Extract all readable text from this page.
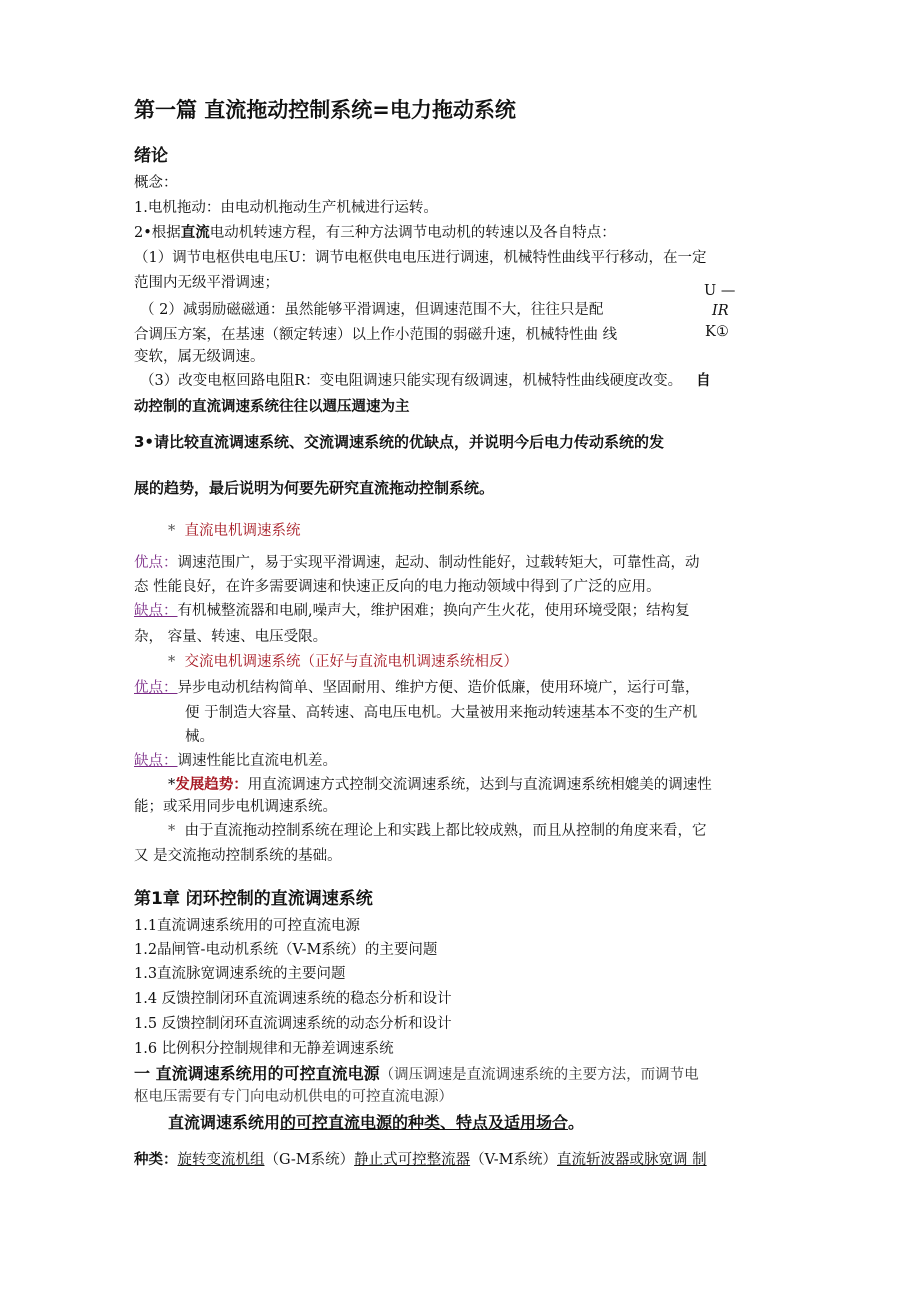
第一篇 直流拖动控制系统=电力拖动系统
绪论
概念：
1.电机拖动：由电动机拖动生产机械进行运转。
2•根据直流电动机转速方程，有三种方法调节电动机的转速以及各自特点：
（1）调节电枢供电电压U：调节电枢供电电压进行调速，机械特性曲线平行移动，在一定
范围内无级平滑调速；
（ 2）减弱励磁磁通：虽然能够平滑调速，但调速范围不大，往往只是配
合调压方案，在基速（额定转速）以上作小范围的弱磁升速，机械特性曲 线
变软，属无级调速。
U —
IR
K①
（3）改变电枢回路电阻R：变电阻调速只能实现有级调速，机械特性曲线硬度改变。 自
动控制的直流调速系统往往以週压週速为主
3•请比较直流调速系统、交流调速系统的优缺点，并说明今后电力传动系统的发
展的趋势，最后说明为何要先研究直流拖动控制系统。
* 直流电机调速系统
优点：调速范围广，易于实现平滑调速，起动、制动性能好，过载转矩大，可靠性高，动
态 性能良好，在许多需要调速和快速正反向的电力拖动领域中得到了广泛的应用。
缺点：有机械整流器和电刷,噪声大，维护困难；换向产生火花，使用环境受限；结构复
杂， 容量、转速、电压受限。
* 交流电机调速系统（正好与直流电机调速系统相反）
优点：异步电动机结构简单、坚固耐用、维护方便、造价低廉，使用环境广，运行可靠，
便 于制造大容量、高转速、高电压电机。大量被用来拖动转速基本不变的生产机
械。
缺点：调速性能比直流电机差。
*发展趋势：用直流调速方式控制交流调速系统，达到与直流调速系统相媲美的调速性
能；或采用同步电机调速系统。
* 由于直流拖动控制系统在理论上和实践上都比较成熟，而且从控制的角度来看，它
又 是交流拖动控制系统的基础。
第1章 闭环控制的直流调速系统
1.1直流调速系统用的可控直流电源
1.2晶闸管-电动机系统（V-M系统）的主要问题
1.3直流脉宽调速系统的主要问题
1.4 反馈控制闭环直流调速系统的稳态分析和设计
1.5 反馈控制闭环直流调速系统的动态分析和设计
1.6 比例积分控制规律和无静差调速系统
一 直流调速系统用的可控直流电源（调压调速是直流调速系统的主要方法，而调节电
枢电压需要有专门向电动机供电的可控直流电源）
直流调速系统用的可控直流电源的种类、特点及适用场合。
种类：旋转变流机组（G-M系统）静止式可控整流器（V-M系统）直流斩波器或脉宽调 制
